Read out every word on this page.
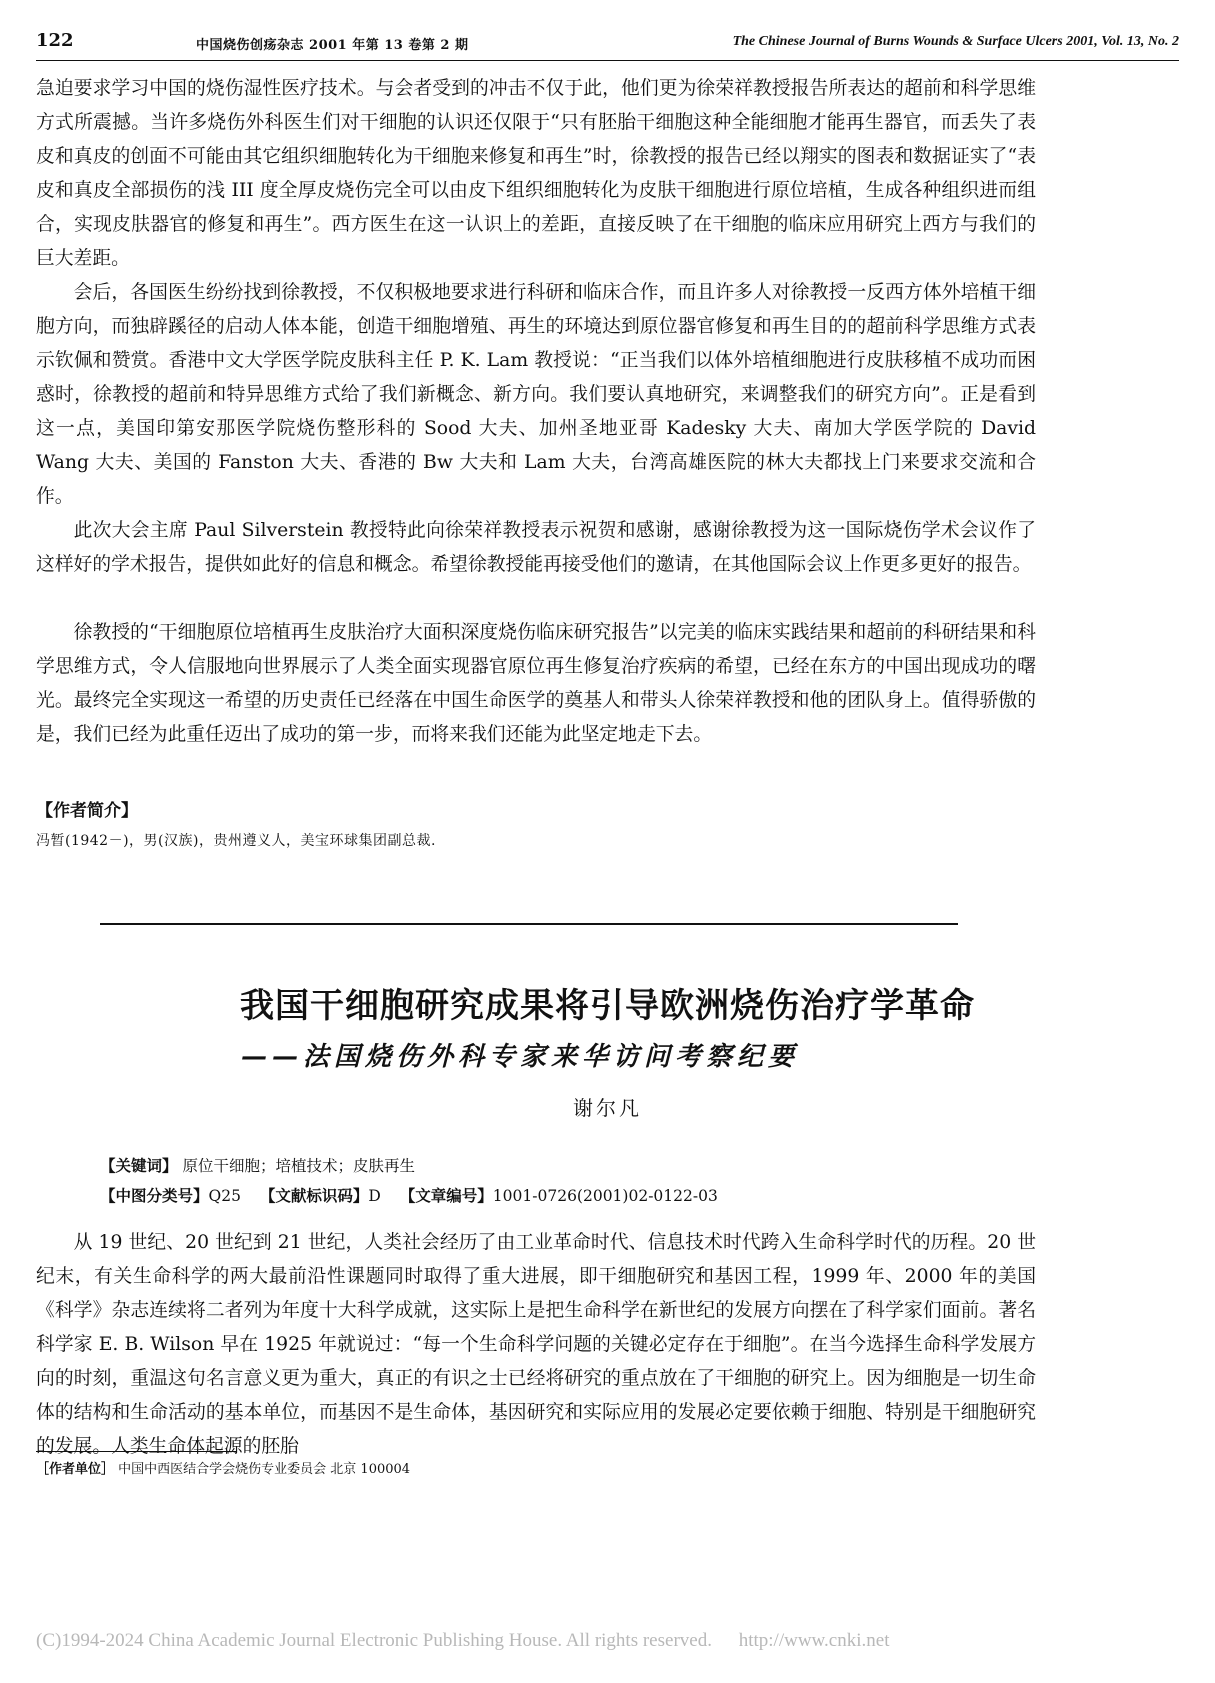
122	中国烧伤创疡杂志 2001 年第 13 卷第 2 期	The Chinese Journal of Burns Wounds & Surface Ulcers 2001, Vol. 13, No. 2

急迫要求学习中国的烧伤湿性医疗技术。与会者受到的冲击不仅于此，他们更为徐荣祥教授报告所表达的超前和科学思维方式所震撼。当许多烧伤外科医生们对干细胞的认识还仅限于“只有胚胎干细胞这种全能细胞才能再生器官，而丢失了表皮和真皮的创面不可能由其它组织细胞转化为干细胞来修复和再生”时，徐教授的报告已经以翔实的图表和数据证实了“表皮和真皮全部损伤的浅 III 度全厚皮烧伤完全可以由皮下组织细胞转化为皮肤干细胞进行原位培植，生成各种组织进而组合，实现皮肤器官的修复和再生”。西方医生在这一认识上的差距，直接反映了在干细胞的临床应用研究上西方与我们的巨大差距。

会后，各国医生纷纷找到徐教授，不仅积极地要求进行科研和临床合作，而且许多人对徐教授一反西方体外培植干细胞方向，而独辟蹊径的启动人体本能，创造干细胞增殖、再生的环境达到原位器官修复和再生目的的超前科学思维方式表示钦佩和赞赏。香港中文大学医学院皮肤科主任 P. K. Lam 教授说：“正当我们以体外培植细胞进行皮肤移植不成功而困惑时，徐教授的超前和特异思维方式给了我们新概念、新方向。我们要认真地研究，来调整我们的研究方向”。正是看到这一点，美国印第安那医学院烧伤整形科的 Sood 大夫、加州圣地亚哥 Kadesky 大夫、南加大学医学院的 David Wang 大夫、美国的 Fanston 大夫、香港的 Bw 大夫和 Lam 大夫，台湾高雄医院的林大夫都找上门来要求交流和合作。

此次大会主席 Paul Silverstein 教授特此向徐荣祥教授表示祝贺和感谢，感谢徐教授为这一国际烧伤学术会议作了这样好的学术报告，提供如此好的信息和概念。希望徐教授能再接受他们的邀请，在其他国际会议上作更多更好的报告。

徐教授的“干细胞原位培植再生皮肤治疗大面积深度烧伤临床研究报告”以完美的临床实践结果和超前的科研结果和科学思维方式，令人信服地向世界展示了人类全面实现器官原位再生修复治疗疾病的希望，已经在东方的中国出现成功的曙光。最终完全实现这一希望的历史责任已经落在中国生命医学的奠基人和带头人徐荣祥教授和他的团队身上。值得骄傲的是，我们已经为此重任迈出了成功的第一步，而将来我们还能为此坚定地走下去。

【作者简介】
冯暂(1942－)，男(汉族)，贵州遵义人，美宝环球集团副总裁.
我国干细胞研究成果将引导欧洲烧伤治疗学革命
——法国烧伤外科专家来华访问考察纪要
谢尔凡
【关键词】 原位干细胞；培植技术；皮肤再生
【中图分类号】Q25 【文献标识码】D 【文章编号】1001-0726(2001)02-0122-03

从 19 世纪、20 世纪到 21 世纪，人类社会经历了由工业革命时代、信息技术时代跨入生命科学时代的历程。20 世纪末，有关生命科学的两大最前沿性课题同时取得了重大进展，即干细胞研究和基因工程，1999 年、2000 年的美国《科学》杂志连续将二者列为年度十大科学成就，这实际上是把生命科学在新世纪的发展方向摆在了科学家们面前。著名科学家 E. B. Wilson 早在 1925 年就说过：“每一个生命科学问题的关键必定存在于细胞”。在当今选择生命科学发展方向的时刻，重温这句名言意义更为重大，真正的有识之士已经将研究的重点放在了干细胞的研究上。因为细胞是一切生命体的结构和生命活动的基本单位，而基因不是生命体，基因研究和实际应用的发展必定要依赖于细胞、特别是干细胞研究的发展。人类生命体起源的胚胎

［作者单位］ 中国中西医结合学会烧伤专业委员会 北京 100004
(C)1994-2024 China Academic Journal Electronic Publishing House. All rights reserved. http://www.cnki.net
